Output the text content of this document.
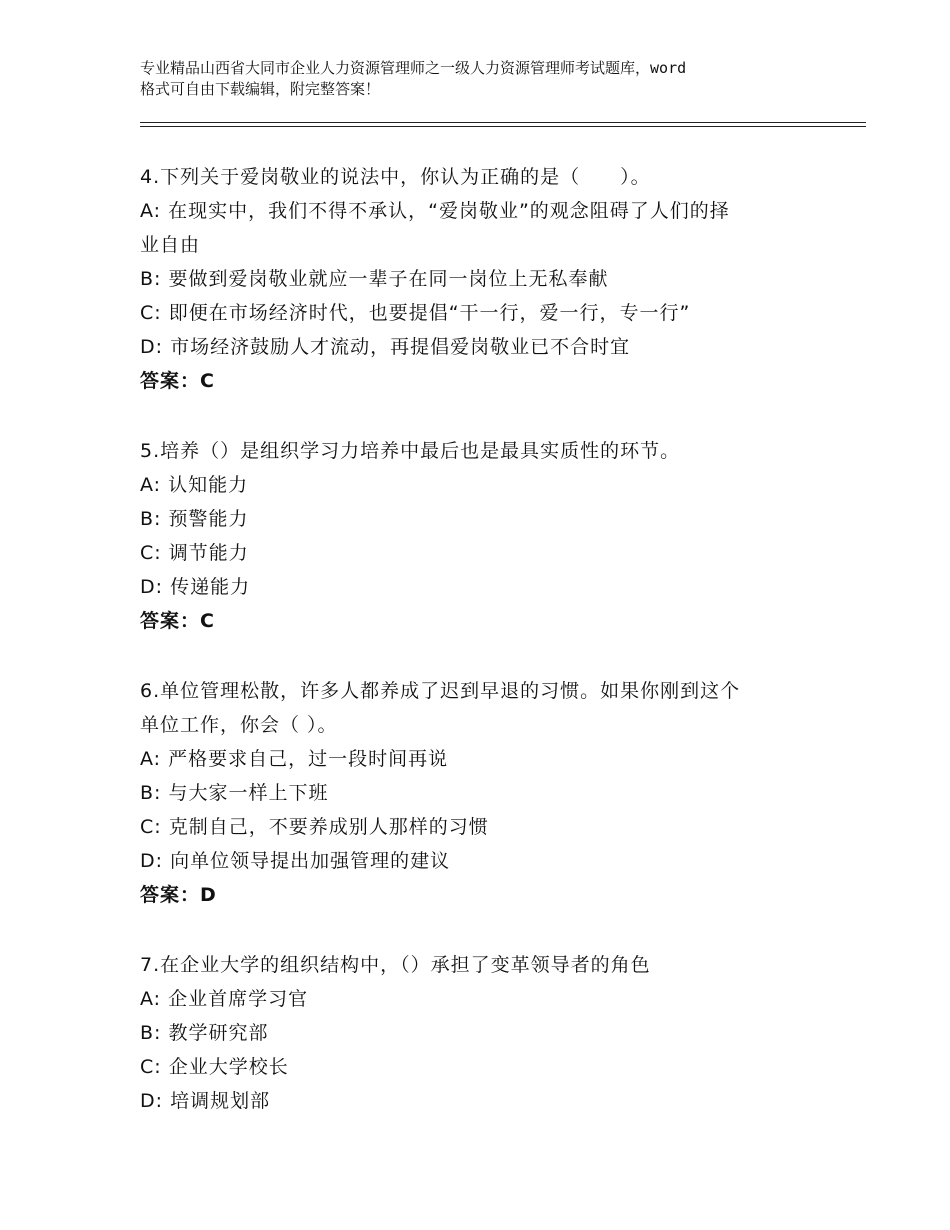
专业精品山西省大同市企业人力资源管理师之一级人力资源管理师考试题库，word
格式可自由下载编辑，附完整答案！
4.下列关于爱岗敬业的说法中，你认为正确的是（　　）。
A: 在现实中，我们不得不承认，“爱岗敬业”的观念阻碍了人们的择
业自由
B: 要做到爱岗敬业就应一辈子在同一岗位上无私奉献
C: 即便在市场经济时代，也要提倡“干一行，爱一行，专一行”
D: 市场经济鼓励人才流动，再提倡爱岗敬业已不合时宜
答案：C
5.培养（）是组织学习力培养中最后也是最具实质性的环节。
A: 认知能力
B: 预警能力
C: 调节能力
D: 传递能力
答案：C
6.单位管理松散，许多人都养成了迟到早退的习惯。如果你刚到这个
单位工作，你会（ ）。
A: 严格要求自己，过一段时间再说
B: 与大家一样上下班
C: 克制自己，不要养成别人那样的习惯
D: 向单位领导提出加强管理的建议
答案：D
7.在企业大学的组织结构中，（）承担了变革领导者的角色
A: 企业首席学习官
B: 教学研究部
C: 企业大学校长
D: 培调规划部
